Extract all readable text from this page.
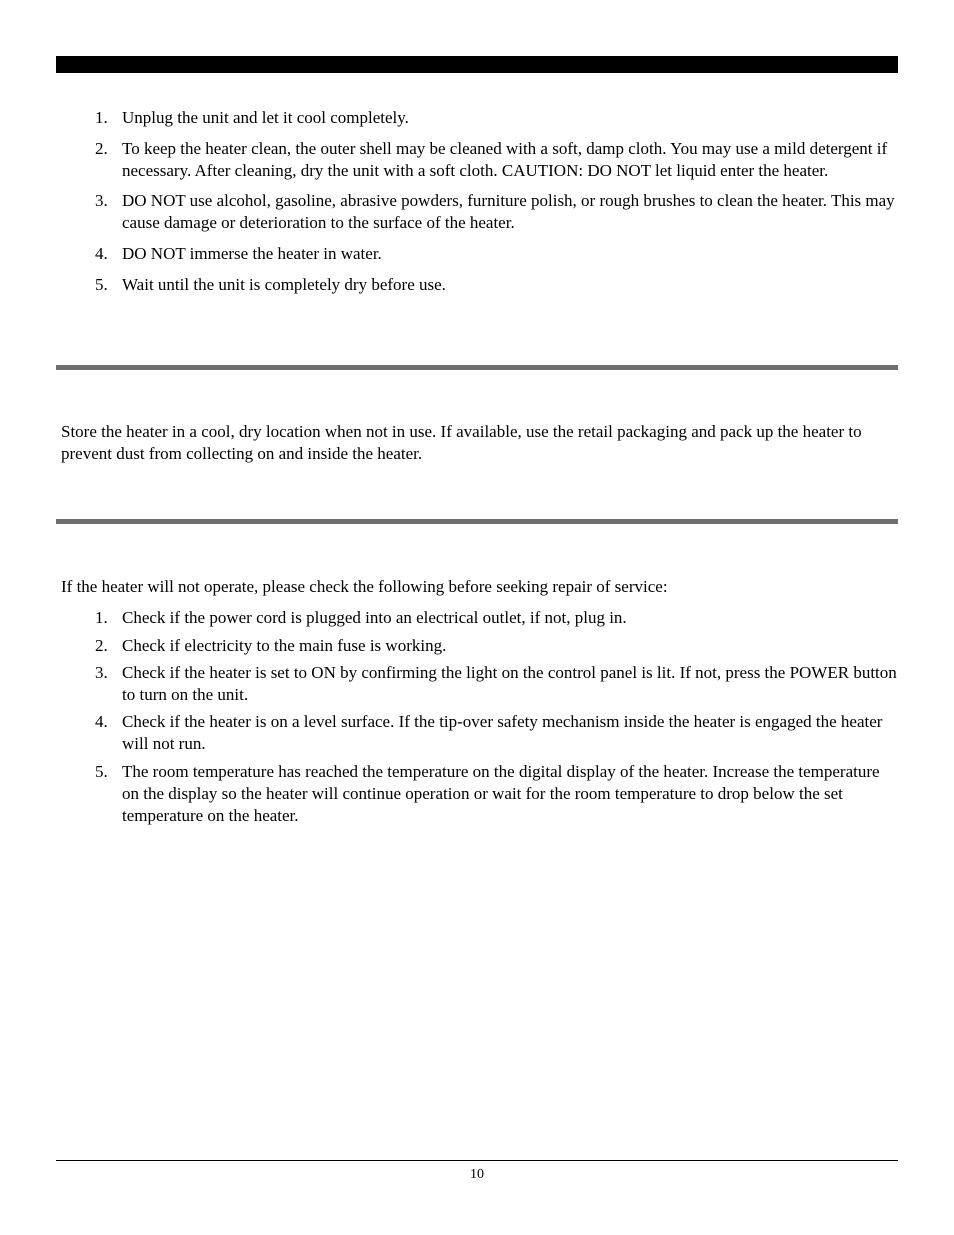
1. Unplug the unit and let it cool completely.
2. To keep the heater clean, the outer shell may be cleaned with a soft, damp cloth. You may use a mild detergent if necessary. After cleaning, dry the unit with a soft cloth. CAUTION: DO NOT let liquid enter the heater.
3. DO NOT use alcohol, gasoline, abrasive powders, furniture polish, or rough brushes to clean the heater. This may cause damage or deterioration to the surface of the heater.
4. DO NOT immerse the heater in water.
5. Wait until the unit is completely dry before use.

Store the heater in a cool, dry location when not in use. If available, use the retail packaging and pack up the heater to prevent dust from collecting on and inside the heater.

If the heater will not operate, please check the following before seeking repair of service:

1. Check if the power cord is plugged into an electrical outlet, if not, plug in.
2. Check if electricity to the main fuse is working.
3. Check if the heater is set to ON by confirming the light on the control panel is lit. If not, press the POWER button to turn on the unit.
4. Check if the heater is on a level surface. If the tip-over safety mechanism inside the heater is engaged the heater will not run.
5. The room temperature has reached the temperature on the digital display of the heater. Increase the temperature on the display so the heater will continue operation or wait for the room temperature to drop below the set temperature on the heater.
10
